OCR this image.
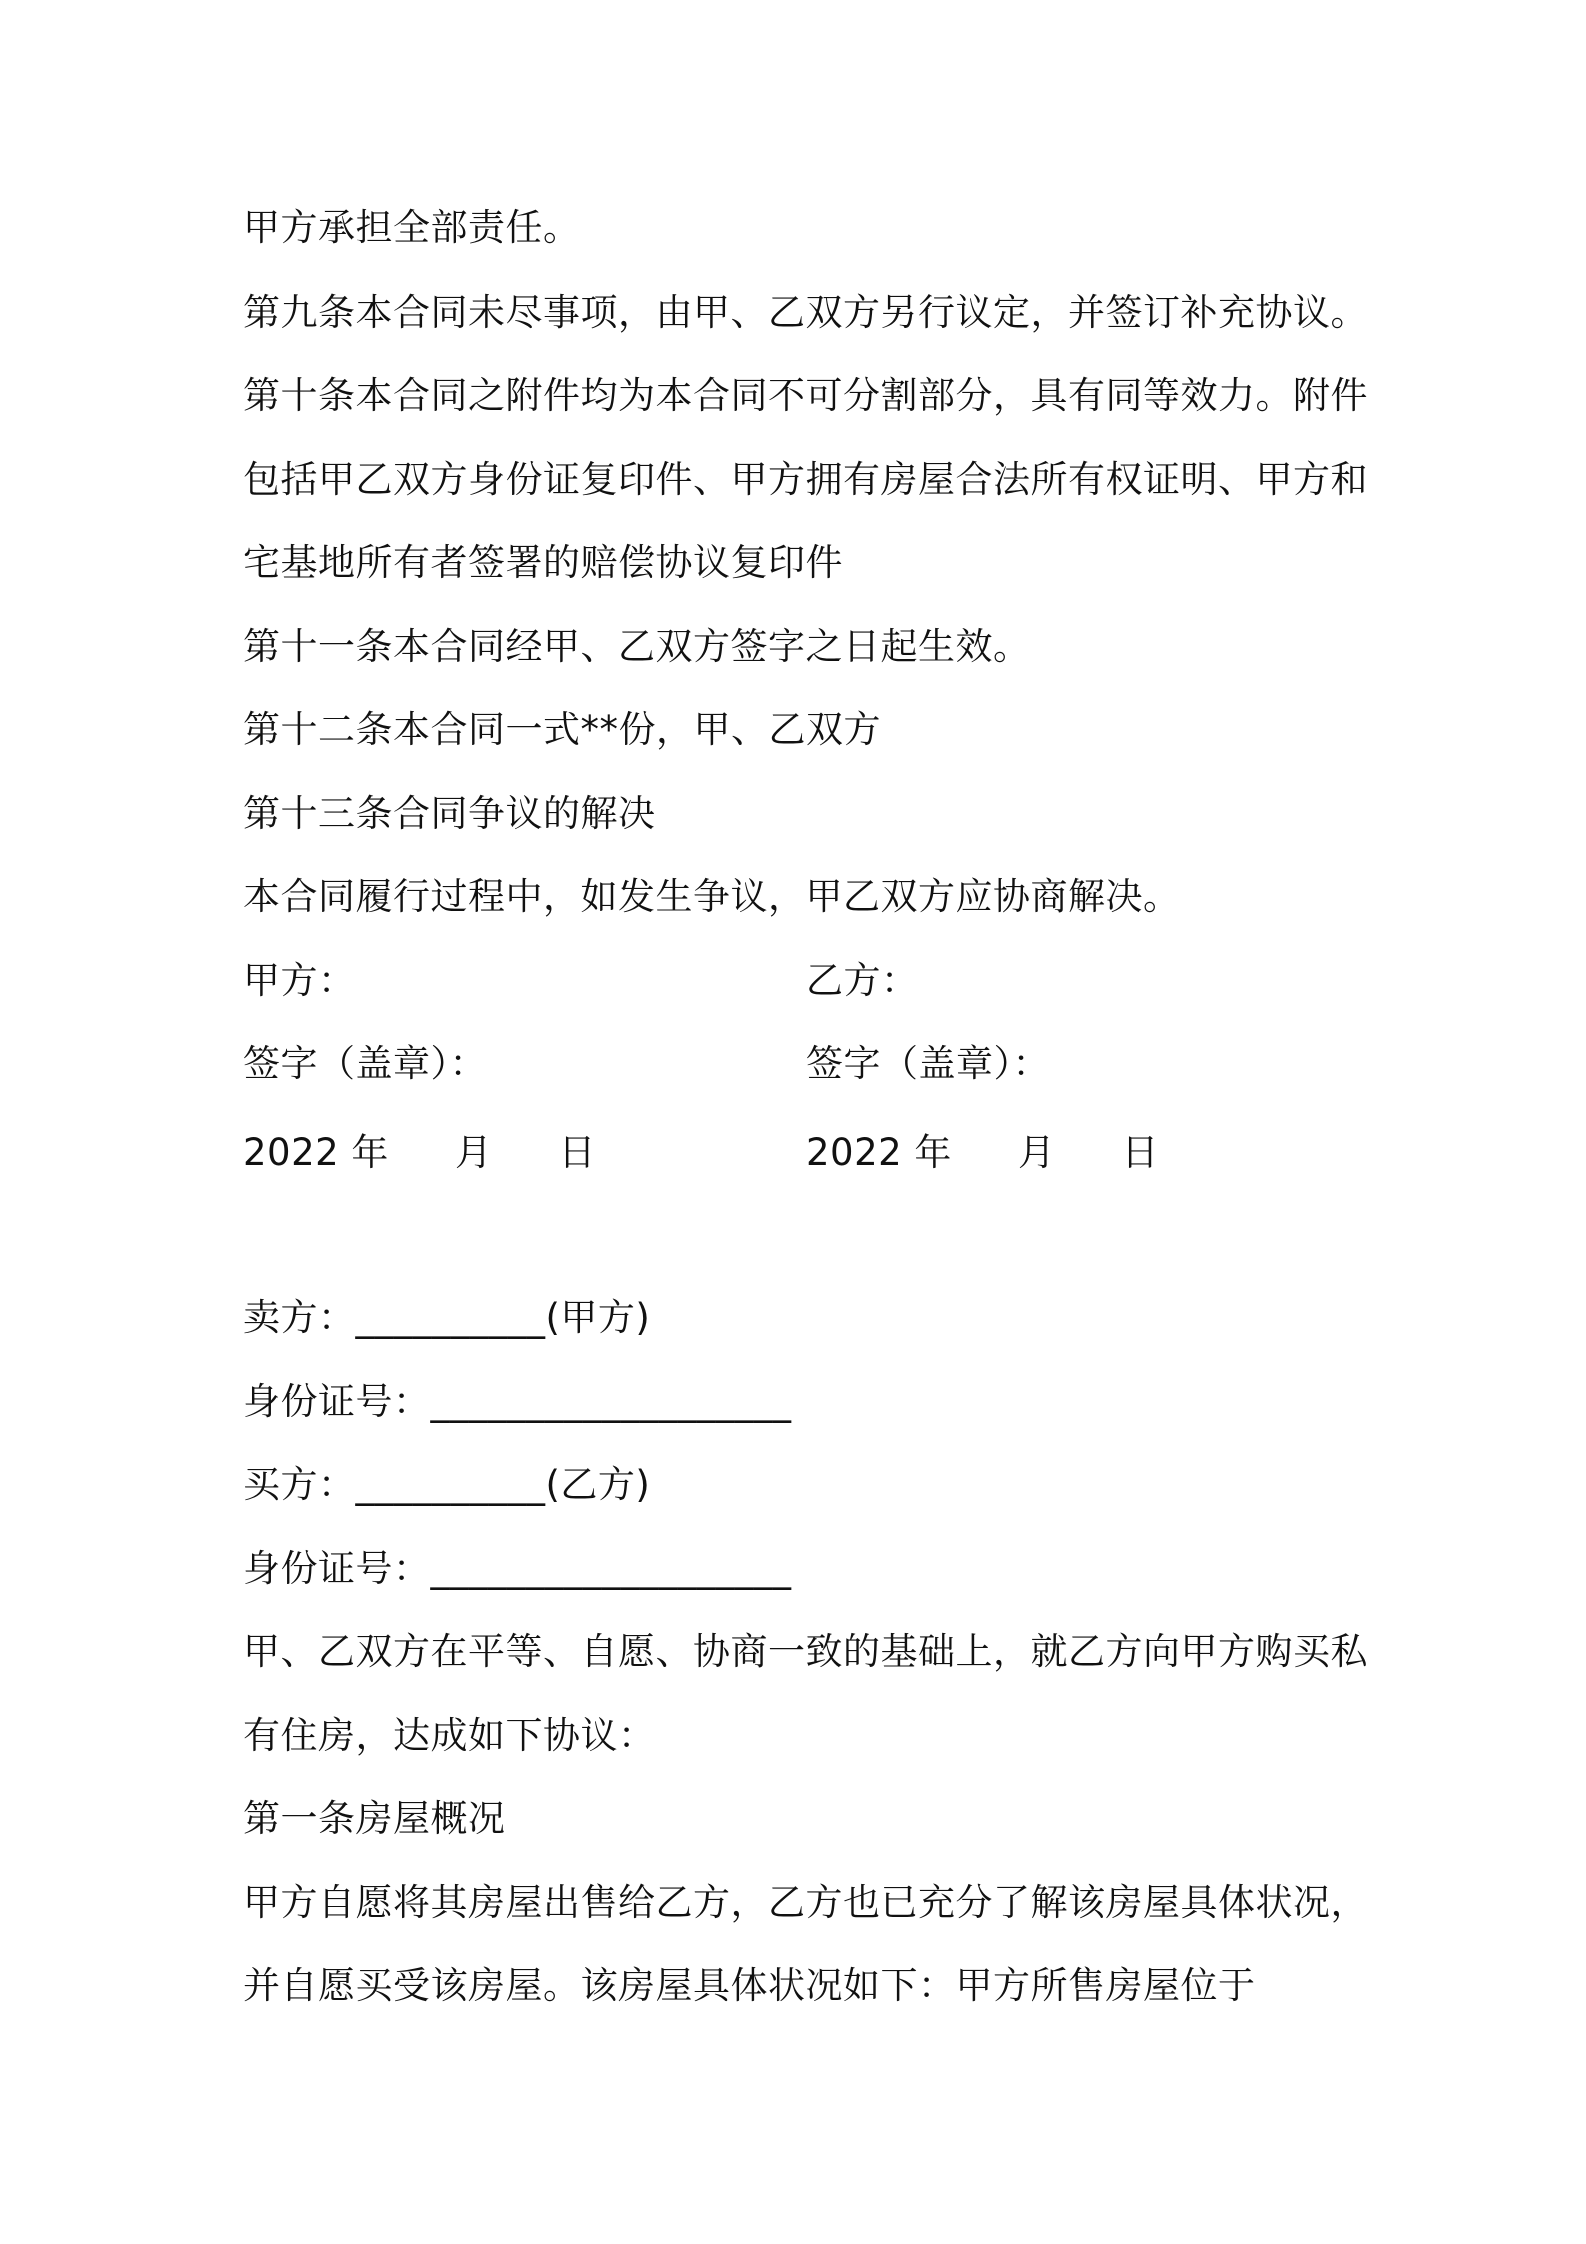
甲方承担全部责任。
第九条本合同未尽事项，由甲、乙双方另行议定，并签订补充协议。
第十条本合同之附件均为本合同不可分割部分，具有同等效力。附件
包括甲乙双方身份证复印件、甲方拥有房屋合法所有权证明、甲方和
宅基地所有者签署的赔偿协议复印件
第十一条本合同经甲、乙双方签字之日起生效。
第十二条本合同一式**份，甲、乙双方
第十三条合同争议的解决
本合同履行过程中，如发生争议，甲乙双方应协商解决。
甲方：	乙方：
签字（盖章）：	签字（盖章）：
2022 年 月 日	2022 年 月 日
卖方：__________(甲方)
身份证号：___________________
买方：__________(乙方)
身份证号：___________________
甲、乙双方在平等、自愿、协商一致的基础上，就乙方向甲方购买私
有住房，达成如下协议：
第一条房屋概况
甲方自愿将其房屋出售给乙方，乙方也已充分了解该房屋具体状况，
并自愿买受该房屋。该房屋具体状况如下：甲方所售房屋位于
